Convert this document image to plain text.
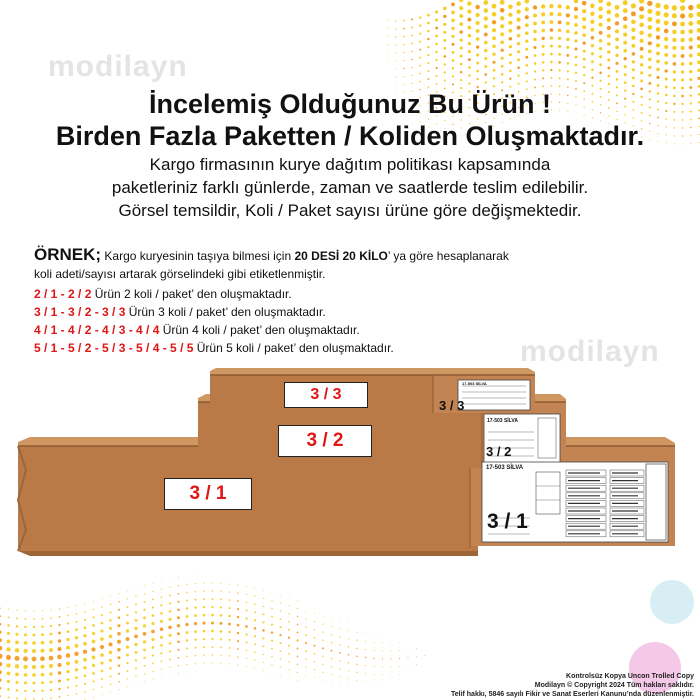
modilayn
modilayn
İncelemiş Olduğunuz Bu Ürün !
Birden Fazla Paketten / Koliden Oluşmaktadır.
Kargo firmasının kurye dağıtım politikası kapsamında
paketleriniz farklı günlerde, zaman ve saatlerde teslim edilebilir.
Görsel temsildir, Koli / Paket sayısı ürüne göre değişmektedir.
ÖRNEK; Kargo kuryesinin taşıya bilmesi için 20 DESİ 20 KİLO’ ya göre hesaplanarak
koli adeti/sayısı artarak görselindeki gibi etiketlenmiştir.
2 / 1 - 2 / 2 Ürün 2 koli / paket’ den oluşmaktadır.
3 / 1 - 3 / 2 - 3 / 3 Ürün 3 koli / paket’ den oluşmaktadır.
4 / 1 - 4 / 2 - 4 / 3 - 4 / 4 Ürün 4 koli / paket’ den oluşmaktadır.
5 / 1 - 5 / 2 - 5 / 3 - 5 / 4 - 5 / 5 Ürün 5 koli / paket’ den oluşmaktadır.
17-503 SİLVA
17-503 SİLVA
17-503 SİLVA
3 / 3
3 / 2
3 / 1
3 / 3
3 / 2
3 / 1
Kontrolsüz Kopya Uncon Trolled Copy
Modilayn © Copyright 2024 Tüm hakları saklıdır.
Telif hakkı, 5846 sayılı Fikir ve Sanat Eserleri Kanunu’nda düzenlenmiştir.
